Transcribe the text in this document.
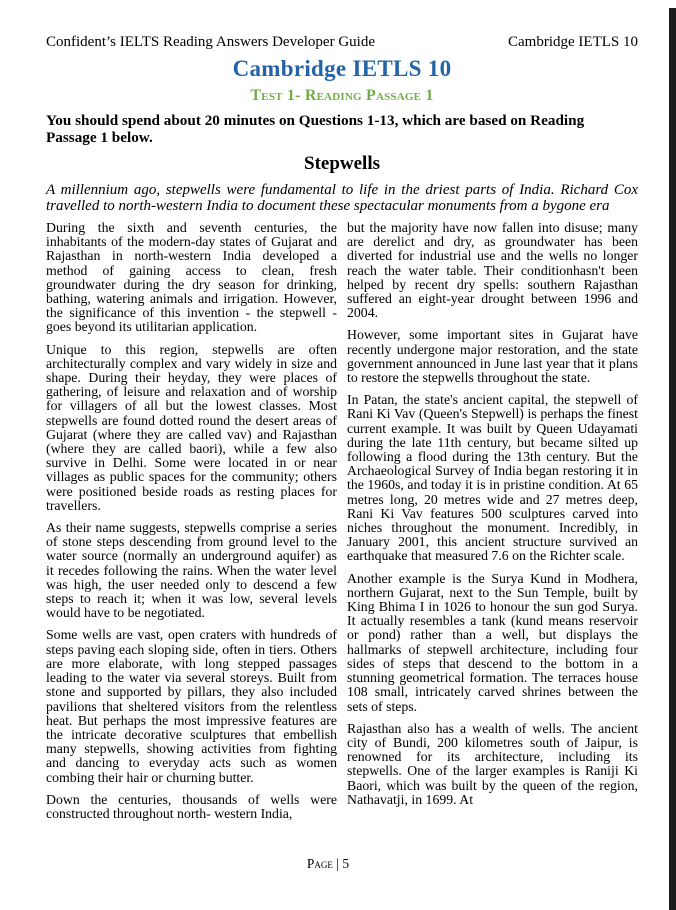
Confident’s IELTS Reading Answers Developer Guide	Cambridge IETLS 10
Cambridge IETLS 10
Test 1- Reading Passage 1

You should spend about 20 minutes on Questions 1-13, which are based on Reading Passage 1 below.

Stepwells

A millennium ago, stepwells were fundamental to life in the driest parts of India. Richard Cox travelled to north-western India to document these spectacular monuments from a bygone era

During the sixth and seventh centuries, the inhabitants of the modern-day states of Gujarat and Rajasthan in north-western India developed a method of gaining access to clean, fresh groundwater during the dry season for drinking, bathing, watering animals and irrigation. However, the significance of this invention - the stepwell - goes beyond its utilitarian application.

Unique to this region, stepwells are often architecturally complex and vary widely in size and shape. During their heyday, they were places of gathering, of leisure and relaxation and of worship for villagers of all but the lowest classes. Most stepwells are found dotted round the desert areas of Gujarat (where they are called vav) and Rajasthan (where they are called baori), while a few also survive in Delhi. Some were located in or near villages as public spaces for the community; others were positioned beside roads as resting places for travellers.

As their name suggests, stepwells comprise a series of stone steps descending from ground level to the water source (normally an underground aquifer) as it recedes following the rains. When the water level was high, the user needed only to descend a few steps to reach it; when it was low, several levels would have to be negotiated.

Some wells are vast, open craters with hundreds of steps paving each sloping side, often in tiers. Others are more elaborate, with long stepped passages leading to the water via several storeys. Built from stone and supported by pillars, they also included pavilions that sheltered visitors from the relentless heat. But perhaps the most impressive features are the intricate decorative sculptures that embellish many stepwells, showing activities from fighting and dancing to everyday acts such as women combing their hair or churning butter.

Down the centuries, thousands of wells were constructed throughout north- western India,

but the majority have now fallen into disuse; many are derelict and dry, as groundwater has been diverted for industrial use and the wells no longer reach the water table. Their conditionhasn't been helped by recent dry spells: southern Rajasthan suffered an eight-year drought between 1996 and 2004.

However, some important sites in Gujarat have recently undergone major restoration, and the state government announced in June last year that it plans to restore the stepwells throughout the state.

In Patan, the state's ancient capital, the stepwell of Rani Ki Vav (Queen's Stepwell) is perhaps the finest current example. It was built by Queen Udayamati during the late 11th century, but became silted up following a flood during the 13th century. But the Archaeological Survey of India began restoring it in the 1960s, and today it is in pristine condition. At 65 metres long, 20 metres wide and 27 metres deep, Rani Ki Vav features 500 sculptures carved into niches throughout the monument. Incredibly, in January 2001, this ancient structure survived an earthquake that measured 7.6 on the Richter scale.

Another example is the Surya Kund in Modhera, northern Gujarat, next to the Sun Temple, built by King Bhima I in 1026 to honour the sun god Surya. It actually resembles a tank (kund means reservoir or pond) rather than a well, but displays the hallmarks of stepwell architecture, including four sides of steps that descend to the bottom in a stunning geometrical formation. The terraces house 108 small, intricately carved shrines between the sets of steps.

Rajasthan also has a wealth of wells. The ancient city of Bundi, 200 kilometres south of Jaipur, is renowned for its architecture, including its stepwells. One of the larger examples is Raniji Ki Baori, which was built by the queen of the region, Nathavatji, in 1699. At

Page | 5
